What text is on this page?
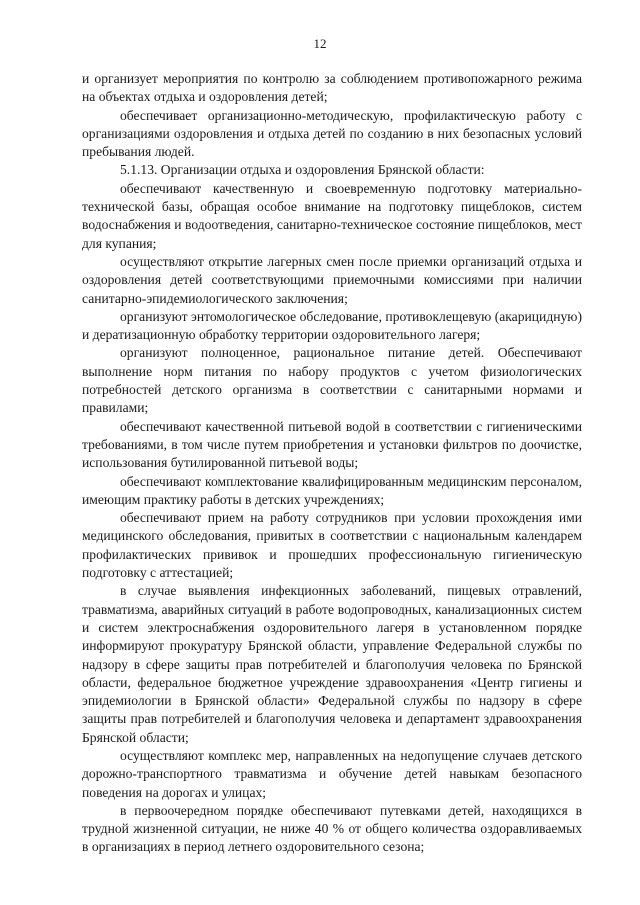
12

и организует мероприятия по контролю за соблюдением противопожарного режима на объектах отдыха и оздоровления детей;

обеспечивает организационно-методическую, профилактическую работу с организациями оздоровления и отдыха детей по созданию в них безопасных условий пребывания людей.

5.1.13. Организации отдыха и оздоровления Брянской области:

обеспечивают качественную и своевременную подготовку материально-технической базы, обращая особое внимание на подготовку пищеблоков, систем водоснабжения и водоотведения, санитарно-техническое состояние пищеблоков, мест для купания;

осуществляют открытие лагерных смен после приемки организаций отдыха и оздоровления детей соответствующими приемочными комиссиями при наличии санитарно-эпидемиологического заключения;

организуют энтомологическое обследование, противоклещевую (акарицидную) и дератизационную обработку территории оздоровительного лагеря;

организуют полноценное, рациональное питание детей. Обеспечивают выполнение норм питания по набору продуктов с учетом физиологических потребностей детского организма в соответствии с санитарными нормами и правилами;

обеспечивают качественной питьевой водой в соответствии с гигиеническими требованиями, в том числе путем приобретения и установки фильтров по доочистке, использования бутилированной питьевой воды;

обеспечивают комплектование квалифицированным медицинским персоналом, имеющим практику работы в детских учреждениях;

обеспечивают прием на работу сотрудников при условии прохождения ими медицинского обследования, привитых в соответствии с национальным календарем профилактических прививок и прошедших профессиональную гигиеническую подготовку с аттестацией;

в случае выявления инфекционных заболеваний, пищевых отравлений, травматизма, аварийных ситуаций в работе водопроводных, канализационных систем и систем электроснабжения оздоровительного лагеря в установленном порядке информируют прокуратуру Брянской области, управление Федеральной службы по надзору в сфере защиты прав потребителей и благополучия человека по Брянской области, федеральное бюджетное учреждение здравоохранения «Центр гигиены и эпидемиологии в Брянской области» Федеральной службы по надзору в сфере защиты прав потребителей и благополучия человека и департамент здравоохранения Брянской области;

осуществляют комплекс мер, направленных на недопущение случаев детского дорожно-транспортного травматизма и обучение детей навыкам безопасного поведения на дорогах и улицах;

в первоочередном порядке обеспечивают путевками детей, находящихся в трудной жизненной ситуации, не ниже 40 % от общего количества оздоравливаемых в организациях в период летнего оздоровительного сезона;
